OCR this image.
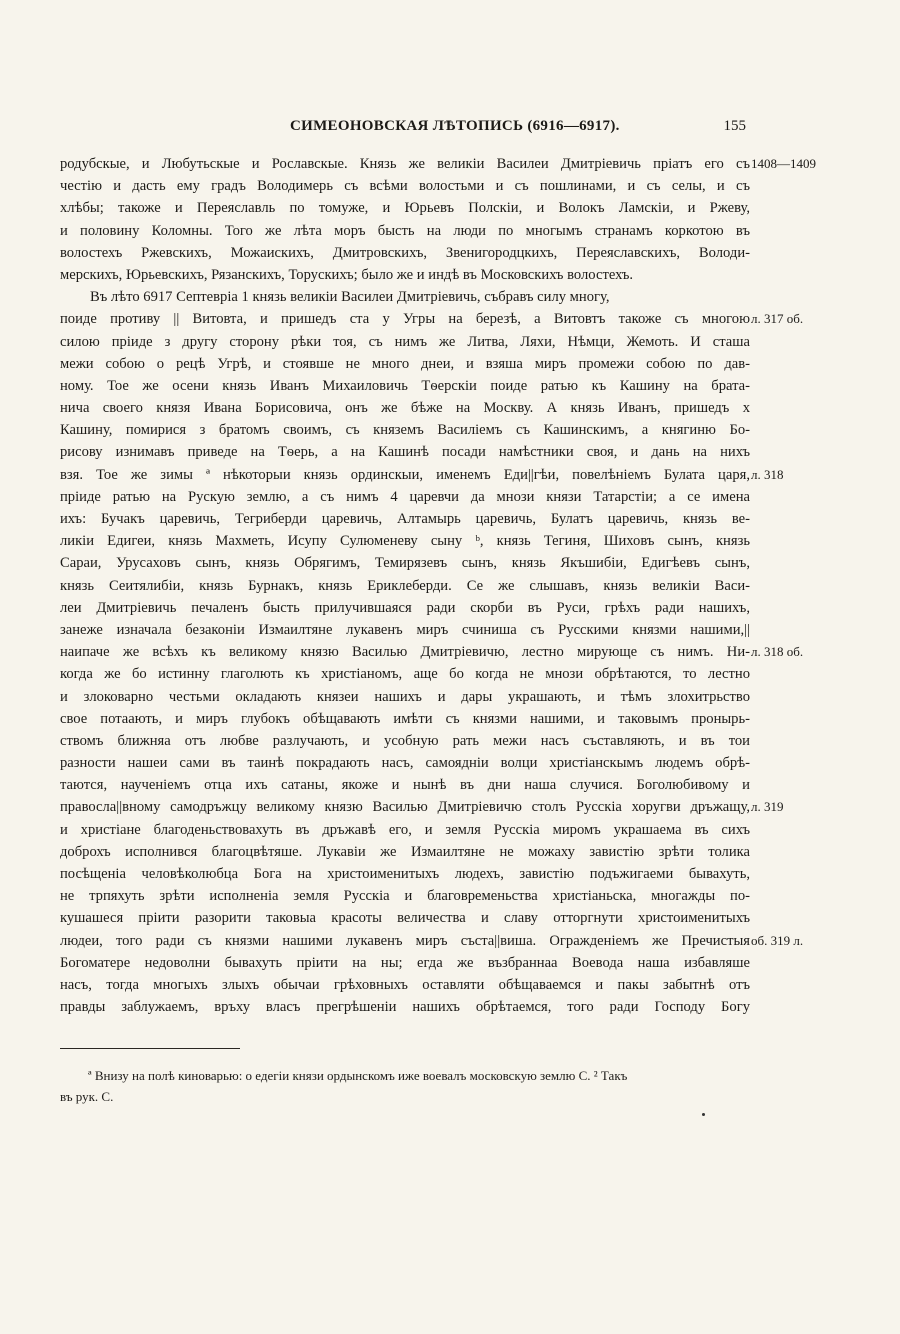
СИМЕОНОВСКАЯ ЛѢТОПИСЬ (6916—6917).	155
родубскые, и Любутьскые и Рославскые. Князь же великіи Василеи Дмитріевичь пріатъ его съ 1408—1409
честію и дасть ему градъ Володимерь съ всѣми волостьми и съ пошлинами, и съ селы, и съ
хлѣбы; такоже и Переяславль по томуже, и Юрьевъ Полскіи, и Волокъ Ламскіи, и Ржеву,
и половину Коломны. Того же лѣта моръ бысть на люди по многымъ странамъ коркотою въ
волостехъ Ржевскихъ, Можаискихъ, Дмитровскихъ, Звенигородцкихъ, Переяславскихъ, Володи-
мерскихъ, Юрьевскихъ, Рязанскихъ, Торускихъ; было же и индѣ въ Московскихъ волостехъ.
Въ лѣто 6917 Септевріа 1 князь великіи Василеи Дмитріевичь, събравъ силу многу,
поиде противу || Витовта, и пришедъ ста у Угры на березѣ, а Витовтъ такоже съ многою л. 317 об.
силою пріиде з другу сторону рѣки тоя, съ нимъ же Литва, Ляхи, Нѣмци, Жемоть. И сташа
межи собою о рецѣ Угрѣ, и стоявше не много днеи, и взяша миръ промежи собою по дав-
ному. Тое же осени князь Иванъ Михаиловичь Тѳерскіи поиде ратью къ Кашину на брата-
нича своего князя Ивана Борисовича, онъ же бѣже на Москву. А князь Иванъ, пришедъ х
Кашину, помирися з братомъ своимъ, съ княземъ Василіемъ съ Кашинскимъ, а княгиню Бо-
рисову изнимавъ приведе на Тѳерь, а на Кашинѣ посади намѣстники своя, и дань на нихъ
взя. Тое же зимы ª нѣкоторыи князь ординскыи, именемъ Еди||гѣи, повелѣніемъ Булата царя, л. 318
пріиде ратью на Рускую землю, а съ нимъ 4 царевчи да мнози князи Татарстіи; а се имена
ихъ: Бучакъ царевичь, Тегриберди царевичь, Алтамырь царевичь, Булатъ царевичь, князь ве-
ликіи Едигеи, князь Махметь, Исупу Сулюменеву сыну ᵇ, князь Тегиня, Шиховъ сынъ, князь
Сараи, Урусаховъ сынъ, князь Обрягимъ, Темирязевъ сынъ, князь Якъшибіи, Едигѣевъ сынъ,
князь Сеитялибіи, князь Бурнакъ, князь Ериклеберди. Се же слышавъ, князь великіи Васи-
леи Дмитріевичь печаленъ бысть прилучившаяся ради скорби въ Руси, грѣхъ ради нашихъ,
занеже изначала безаконіи Измаилтяне лукавенъ миръ счиниша съ Русскими князми нашими,||
наипаче же всѣхъ къ великому князю Василью Дмитріевичю, лестно мирующе съ нимъ. Ни- л. 318 об.
когда же бо истинну глаголють къ христіаномъ, аще бо когда не мнози обрѣтаются, то лестно
и злоковарно честьми окладають князеи нашихъ и дары украшають, и тѣмъ злохитрьство
свое потаають, и миръ глубокъ обѣщавають имѣти съ князми нашими, и таковымъ пронырь-
ствомъ ближняа отъ любве разлучають, и усобную рать межи насъ съставляють, и въ тои
разности нашеи сами въ таинѣ покрадають насъ, самоядніи волци христіанскымъ людемъ обрѣ-
таются, наученіемъ отца ихъ сатаны, якоже и нынѣ въ дни наша случися. Боголюбивому и
правосла||вному самодръжцу великому князю Василью Дмитріевичю столъ Русскіа хоругви дръжащу, л. 319
и христіане благоденьствовахуть въ дръжавѣ его, и земля Русскіа миромъ украшаема въ сихъ
доброхъ исполнився благоцвѣтяше. Лукавіи же Измаилтяне не можаху завистію зрѣти толика
посѣщеніа человѣколюбца Бога на христоименитыхъ людехъ, завистію подъжигаеми бывахуть,
не трпяхуть зрѣти исполненіа земля Русскіа и благовременьства христіаньска, многажды по-
кушашеся пріити разорити таковыа красоты величества и славу отторгнути христоименитыхъ
людеи, того ради съ князми нашими лукавенъ миръ съста||виша. Огражденіемъ же Пречистыя об. 319 л.
Богоматере недоволни бывахуть пріити на ны; егда же възбраннаа Воевода наша избавляше
насъ, тогда многыхъ злыхъ обычаи грѣховныхъ оставляти обѣщаваемся и пакы забытнѣ отъ
правды заблужаемъ, връху власъ прегрѣшеніи нашихъ обрѣтаемся, того ради Господу Богу
ª Внизу на полѣ киноварью: о едегіи князи ордынскомъ иже воевалъ московскую землю С. ² Такъ
въ рук. С.
